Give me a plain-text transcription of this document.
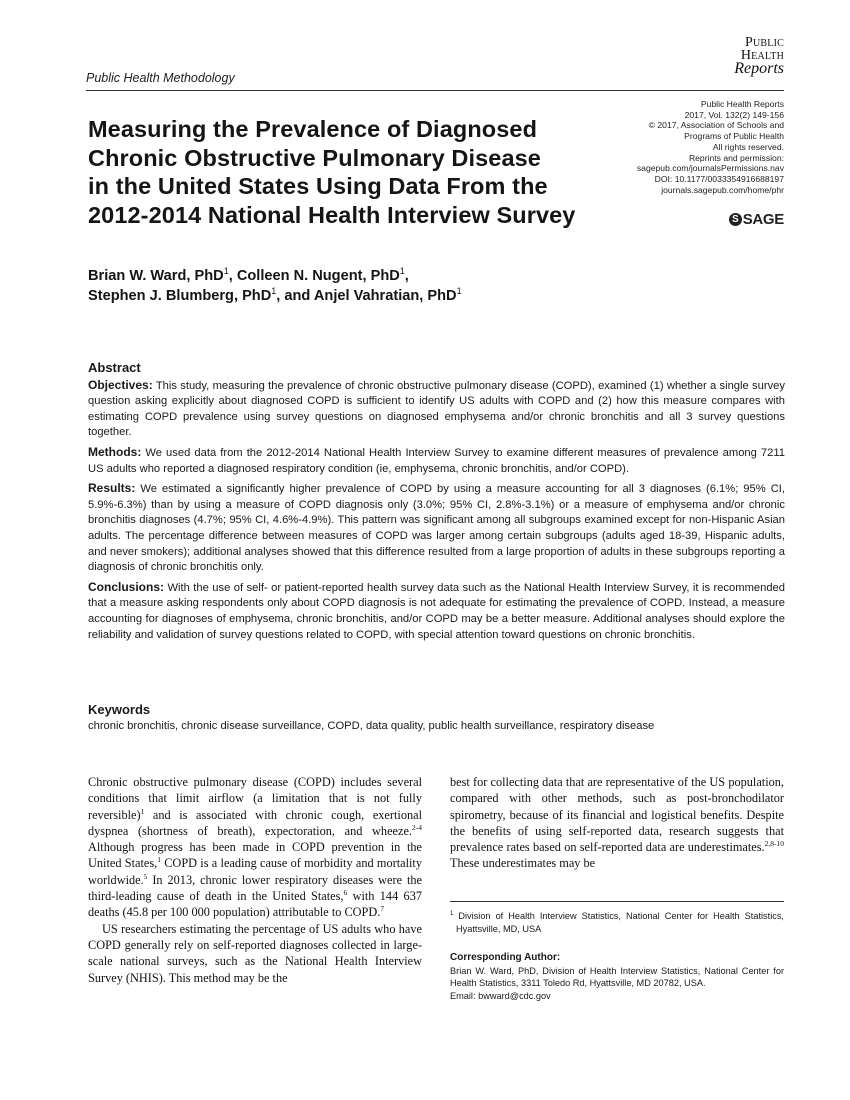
Public Health Methodology
Public
Health
Reports
Measuring the Prevalence of Diagnosed
Chronic Obstructive Pulmonary Disease
in the United States Using Data From the
2012-2014 National Health Interview Survey
Public Health Reports
2017, Vol. 132(2) 149-156
© 2017, Association of Schools and
Programs of Public Health
All rights reserved.
Reprints and permission:
sagepub.com/journalsPermissions.nav
DOI: 10.1177/0033354916688197
journals.sagepub.com/home/phr
S SAGE
Brian W. Ward, PhD$^1$, Colleen N. Nugent, PhD$^1$,
Stephen J. Blumberg, PhD$^1$, and Anjel Vahratian, PhD$^1$
Abstract

Objectives: This study, measuring the prevalence of chronic obstructive pulmonary disease (COPD), examined (1) whether a single survey question asking explicitly about diagnosed COPD is sufficient to identify US adults with COPD and (2) how this measure compares with estimating COPD prevalence using survey questions on diagnosed emphysema and/or chronic bronchitis and all 3 survey questions together.

Methods: We used data from the 2012-2014 National Health Interview Survey to examine different measures of prevalence among 7211 US adults who reported a diagnosed respiratory condition (ie, emphysema, chronic bronchitis, and/or COPD).

Results: We estimated a significantly higher prevalence of COPD by using a measure accounting for all 3 diagnoses (6.1%; 95% CI, 5.9%-6.3%) than by using a measure of COPD diagnosis only (3.0%; 95% CI, 2.8%-3.1%) or a measure of emphysema and/or chronic bronchitis diagnoses (4.7%; 95% CI, 4.6%-4.9%). This pattern was significant among all subgroups examined except for non-Hispanic Asian adults. The percentage difference between measures of COPD was larger among certain subgroups (adults aged 18-39, Hispanic adults, and never smokers); additional analyses showed that this difference resulted from a large proportion of adults in these subgroups reporting a diagnosis of chronic bronchitis only.

Conclusions: With the use of self- or patient-reported health survey data such as the National Health Interview Survey, it is recommended that a measure asking respondents only about COPD diagnosis is not adequate for estimating the prevalence of COPD. Instead, a measure accounting for diagnoses of emphysema, chronic bronchitis, and/or COPD may be a better measure. Additional analyses should explore the reliability and validation of survey questions related to COPD, with special attention toward questions on chronic bronchitis.

Keywords
chronic bronchitis, chronic disease surveillance, COPD, data quality, public health surveillance, respiratory disease

Chronic obstructive pulmonary disease (COPD) includes several conditions that limit airflow (a limitation that is not fully reversible)$^1$ and is associated with chronic cough, exertional dyspnea (shortness of breath), expectoration, and wheeze.$^{2-4}$ Although progress has been made in COPD prevention in the United States,$^1$ COPD is a leading cause of morbidity and mortality worldwide.$^5$ In 2013, chronic lower respiratory diseases were the third-leading cause of death in the United States,$^6$ with 144 637 deaths (45.8 per 100 000 population) attributable to COPD.$^7$

US researchers estimating the percentage of US adults who have COPD generally rely on self-reported diagnoses collected in large-scale national surveys, such as the National Health Interview Survey (NHIS). This method may be the

best for collecting data that are representative of the US population, compared with other methods, such as post-bronchodilator spirometry, because of its financial and logistical benefits. Despite the benefits of using self-reported data, research suggests that prevalence rates based on self-reported data are underestimates.$^{2,8-10}$ These underestimates may be

$^1$ Division of Health Interview Statistics, National Center for Health Statistics, Hyattsville, MD, USA
Corresponding Author:
Brian W. Ward, PhD, Division of Health Interview Statistics, National Center for Health Statistics, 3311 Toledo Rd, Hyattsville, MD 20782, USA.
Email: bwward@cdc.gov
